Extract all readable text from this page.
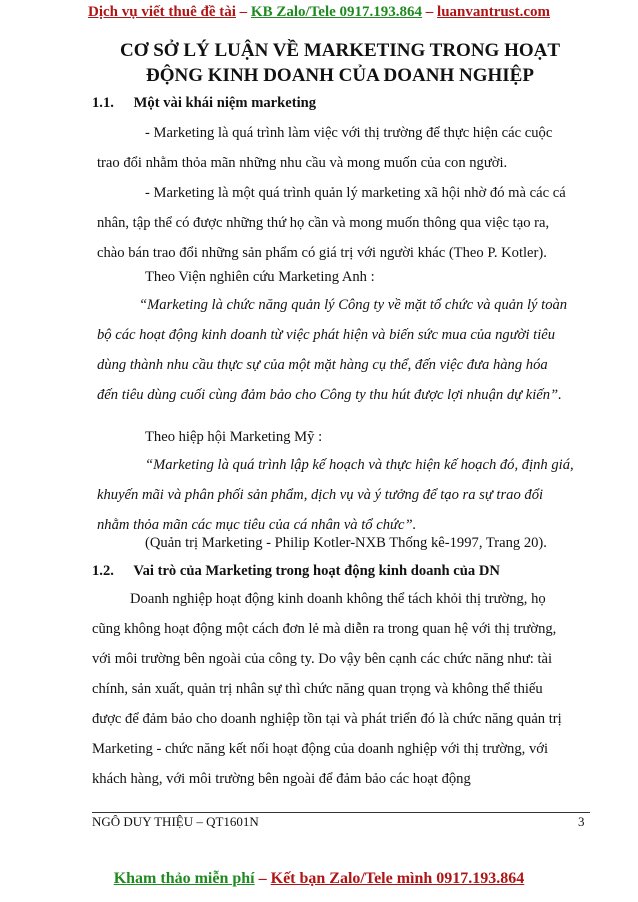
Dịch vụ viết thuê đề tài – KB Zalo/Tele 0917.193.864 – luanvantrust.com
CƠ SỞ LÝ LUẬN VỀ MARKETING TRONG HOẠT
ĐỘNG KINH DOANH CỦA DOANH NGHIỆP
1.1. Một vài khái niệm marketing
- Marketing là quá trình làm việc với thị trường để thực hiện các cuộc
trao đổi nhằm thỏa mãn những nhu cầu và mong muốn của con người.
- Marketing là một quá trình quản lý marketing xã hội nhờ đó mà các cá
nhân, tập thể có được những thứ họ cần và mong muốn thông qua việc tạo ra,
chào bán trao đổi những sản phẩm có giá trị với người khác (Theo P. Kotler).
Theo Viện nghiên cứu Marketing Anh :
“Marketing là chức năng quản lý Công ty về mặt tổ chức và quản lý toàn
bộ các hoạt động kinh doanh từ việc phát hiện và biến sức mua của người tiêu
dùng thành nhu cầu thực sự của một mặt hàng cụ thể, đến việc đưa hàng hóa
đến tiêu dùng cuối cùng đảm bảo cho Công ty thu hút được lợi nhuận dự kiến”.
Theo hiệp hội Marketing Mỹ :
“Marketing là quá trình lập kế hoạch và thực hiện kế hoạch đó, định giá,
khuyến mãi và phân phối sản phẩm, dịch vụ và ý tưởng để tạo ra sự trao đổi
nhằm thỏa mãn các mục tiêu của cá nhân và tổ chức”.
(Quản trị Marketing - Philip Kotler-NXB Thống kê-1997, Trang 20).
1.2. Vai trò của Marketing trong hoạt động kinh doanh của DN
Doanh nghiệp hoạt động kinh doanh không thể tách khỏi thị trường, họ
cũng không hoạt động một cách đơn lẻ mà diễn ra trong quan hệ với thị trường,
với môi trường bên ngoài của công ty. Do vậy bên cạnh các chức năng như: tài
chính, sản xuất, quản trị nhân sự thì chức năng quan trọng và không thể thiếu
được để đảm bảo cho doanh nghiệp tồn tại và phát triển đó là chức năng quản trị
Marketing - chức năng kết nối hoạt động của doanh nghiệp với thị trường, với
khách hàng, với môi trường bên ngoài để đảm bảo các hoạt động
NGÔ DUY THIỆU – QT1601N	3
Kham thảo miễn phí – Kết bạn Zalo/Tele mình 0917.193.864
